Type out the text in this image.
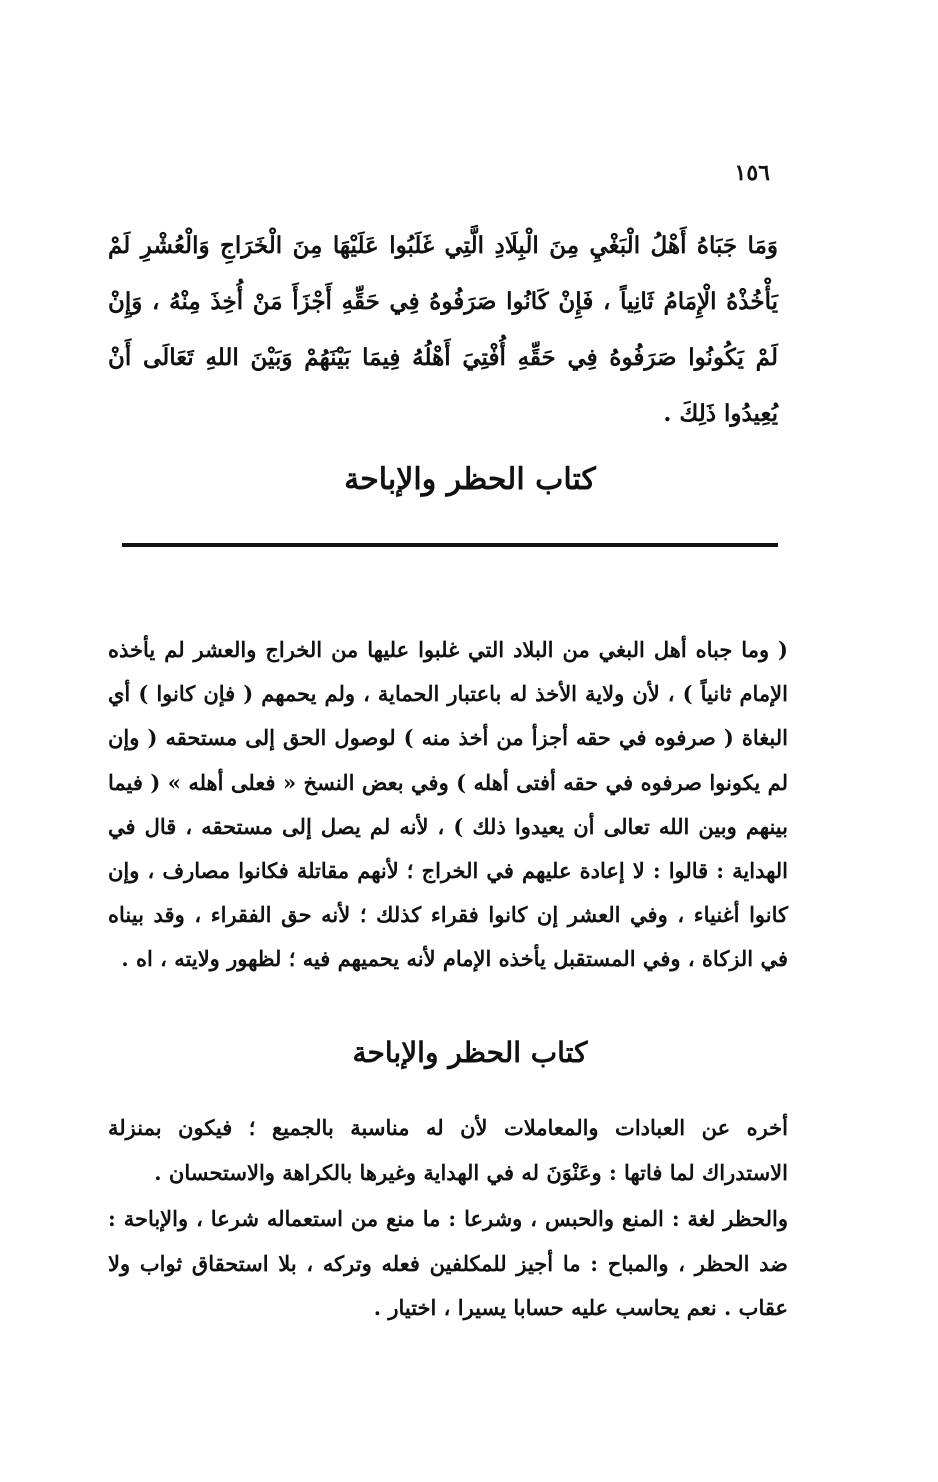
١٥٦

وَمَا جَبَاهُ أَهْلُ الْبَغْيِ مِنَ الْبِلَادِ الَّتِي غَلَبُوا عَلَيْهَا مِنَ الْخَرَاجِ وَالْعُشْرِ لَمْ يَأْخُذْهُ الْإِمَامُ ثَانِياً ، فَإِنْ كَانُوا صَرَفُوهُ فِي حَقِّهِ أَجْزَأَ مَنْ أُخِذَ مِنْهُ ، وَإِنْ لَمْ يَكُونُوا صَرَفُوهُ فِي حَقِّهِ أُفْتِيَ أَهْلُهُ فِيمَا بَيْنَهُمْ وَبَيْنَ اللهِ تَعَالَى أَنْ يُعِيدُوا ذَلِكَ .

كتاب الحظر والإباحة

( وما جباه أهل البغي من البلاد التي غلبوا عليها من الخراج والعشر لم يأخذه الإمام ثانياً ) ، لأن ولاية الأخذ له باعتبار الحماية ، ولم يحمهم ( فإن كانوا ) أي البغاة ( صرفوه في حقه أجزأ من أخذ منه ) لوصول الحق إلى مستحقه ( وإن لم يكونوا صرفوه في حقه أفتى أهله ) وفي بعض النسخ « فعلى أهله » ( فيما بينهم وبين الله تعالى أن يعيدوا ذلك ) ، لأنه لم يصل إلى مستحقه ، قال في الهداية : قالوا : لا إعادة عليهم في الخراج ؛ لأنهم مقاتلة فكانوا مصارف ، وإن كانوا أغنياء ، وفي العشر إن كانوا فقراء كذلك ؛ لأنه حق الفقراء ، وقد بيناه في الزكاة ، وفي المستقبل يأخذه الإمام لأنه يحميهم فيه ؛ لظهور ولايته ، اه .

كتاب الحظر والإباحة

أخره عن العبادات والمعاملات لأن له مناسبة بالجميع ؛ فيكون بمنزلة الاستدراك لما فاتها : وعَنْوَنَ له في الهداية وغيرها بالكراهة والاستحسان .

والحظر لغة : المنع والحبس ، وشرعا : ما منع من استعماله شرعا ، والإباحة : ضد الحظر ، والمباح : ما أجيز للمكلفين فعله وتركه ، بلا استحقاق ثواب ولا عقاب . نعم يحاسب عليه حسابا يسيرا ، اختيار .
